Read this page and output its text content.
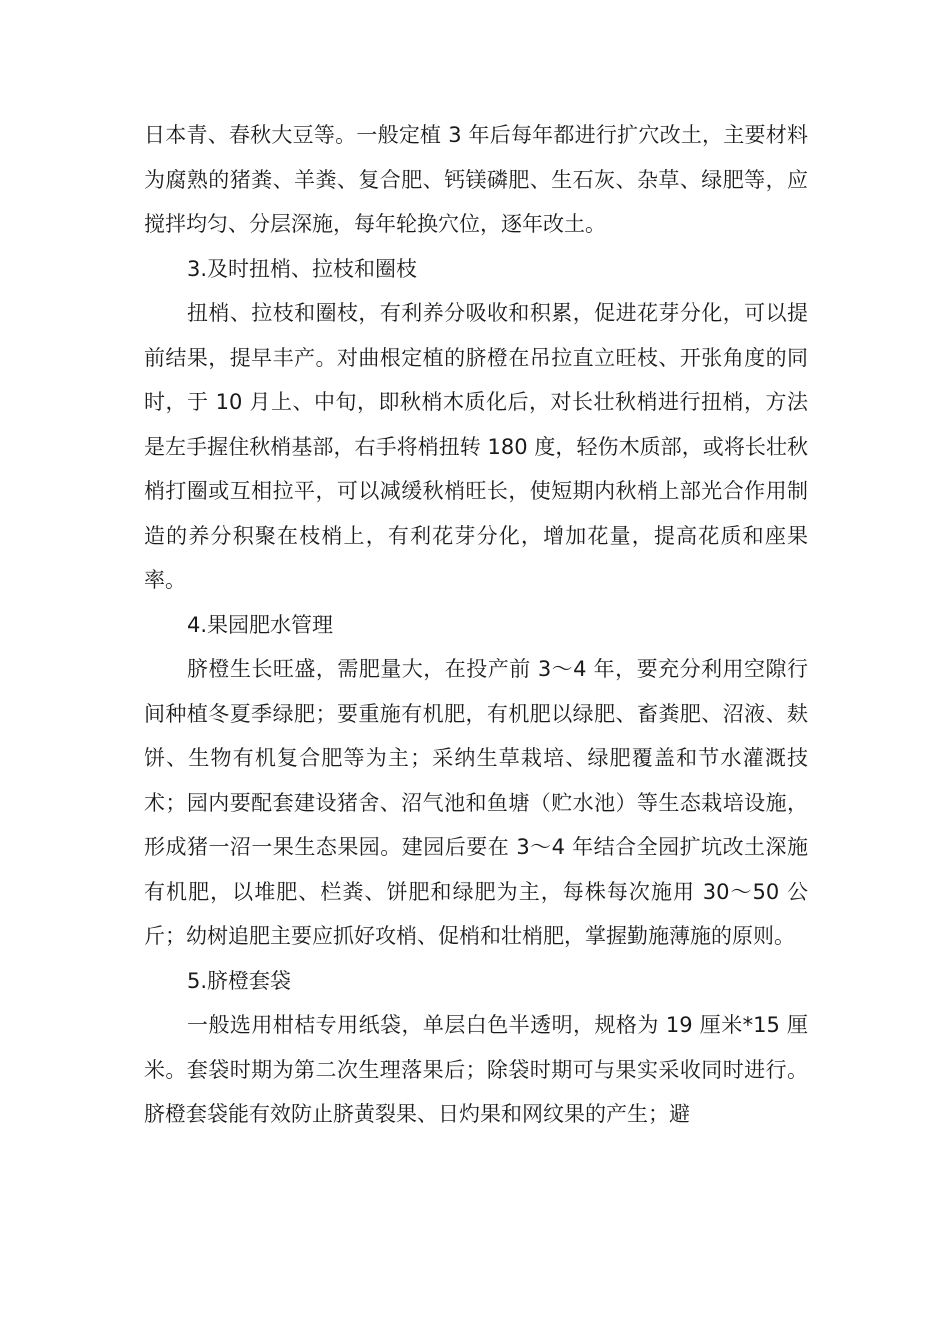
日本青、春秋大豆等。一般定植 3 年后每年都进行扩穴改土，主要材料为腐熟的猪粪、羊粪、复合肥、钙镁磷肥、生石灰、杂草、绿肥等，应搅拌均匀、分层深施，每年轮换穴位，逐年改土。

3.及时扭梢、拉枝和圈枝

扭梢、拉枝和圈枝，有利养分吸收和积累，促进花芽分化，可以提前结果，提早丰产。对曲根定植的脐橙在吊拉直立旺枝、开张角度的同时，于 10 月上、中旬，即秋梢木质化后，对长壮秋梢进行扭梢，方法是左手握住秋梢基部，右手将梢扭转 180 度，轻伤木质部，或将长壮秋梢打圈或互相拉平，可以减缓秋梢旺长，使短期内秋梢上部光合作用制造的养分积聚在枝梢上，有利花芽分化，增加花量，提高花质和座果率。

4.果园肥水管理

脐橙生长旺盛，需肥量大，在投产前 3～4 年，要充分利用空隙行间种植冬夏季绿肥；要重施有机肥，有机肥以绿肥、畜粪肥、沼液、麸饼、生物有机复合肥等为主；采纳生草栽培、绿肥覆盖和节水灌溉技术；园内要配套建设猪舍、沼气池和鱼塘（贮水池）等生态栽培设施，形成猪一沼一果生态果园。建园后要在 3～4 年结合全园扩坑改土深施有机肥，以堆肥、栏粪、饼肥和绿肥为主，每株每次施用 30～50 公斤；幼树追肥主要应抓好攻梢、促梢和壮梢肥，掌握勤施薄施的原则。

5.脐橙套袋

一般选用柑桔专用纸袋，单层白色半透明，规格为 19 厘米*15 厘米。套袋时期为第二次生理落果后；除袋时期可与果实采收同时进行。脐橙套袋能有效防止脐黄裂果、日灼果和网纹果的产生；避
